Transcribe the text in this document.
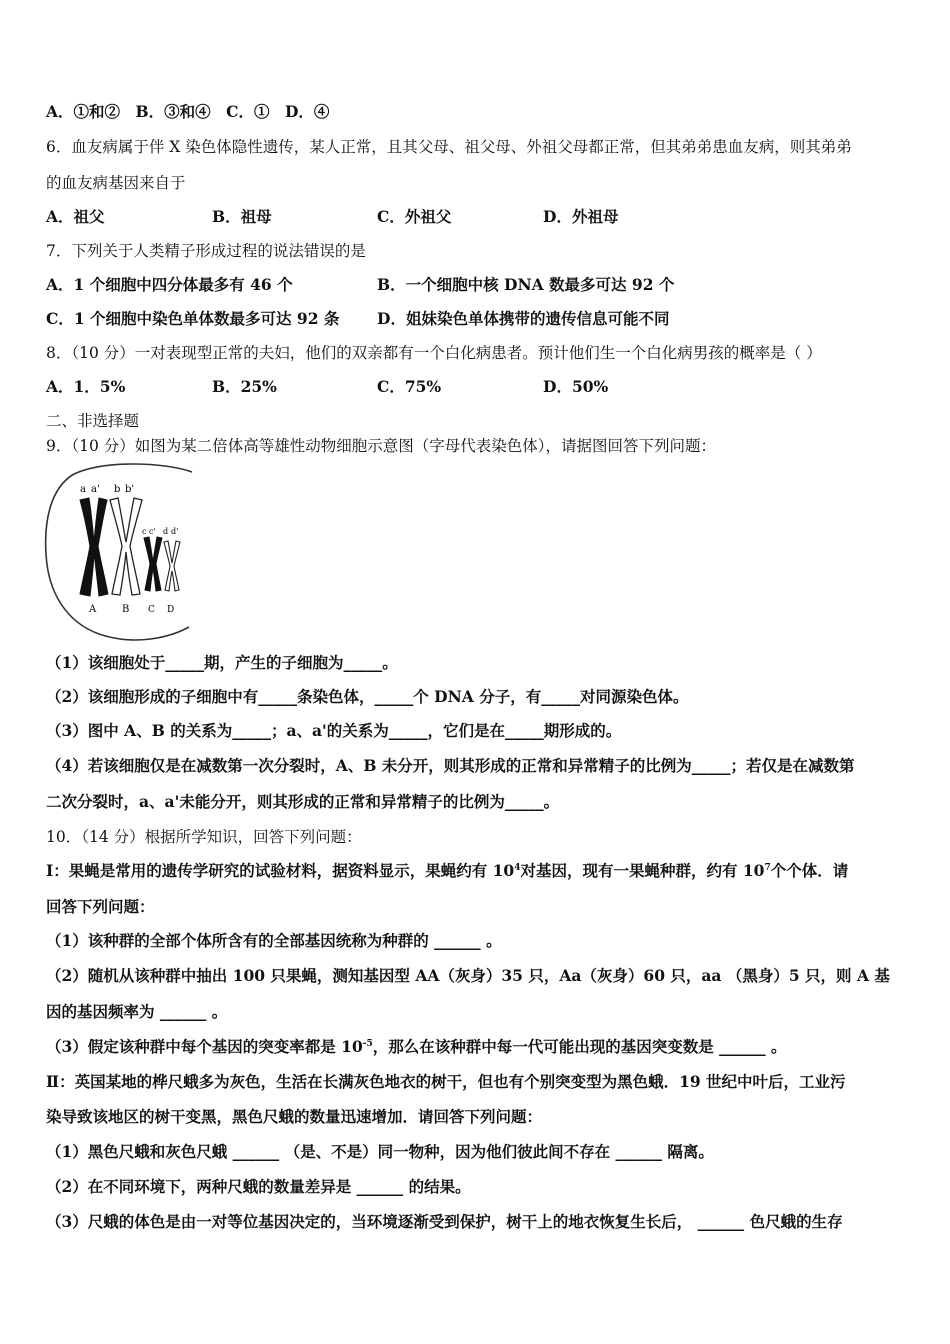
A．①和②　B．③和④　C．①　D．④
6．血友病属于伴 X 染色体隐性遗传，某人正常，且其父母、祖父母、外祖父母都正常，但其弟弟患血友病，则其弟弟
的血友病基因来自于
A．祖父	B．祖母	C．外祖父	D．外祖母
7．下列关于人类精子形成过程的说法错误的是
A．1 个细胞中四分体最多有 46 个	B．一个细胞中核 DNA 数最多可达 92 个
C．1 个细胞中染色单体数最多可达 92 条 D．姐妹染色单体携带的遗传信息可能不同
8．（10 分）一对表现型正常的夫妇，他们的双亲都有一个白化病患者。预计他们生一个白化病男孩的概率是（ ）
A．1．5%	B．25%	C．75%	D．50%
二、非选择题
9．（10 分）如图为某二倍体高等雄性动物细胞示意图（字母代表染色体），请据图回答下列问题：
a a' b b'
c c' d d'
A	B C D
（1）该细胞处于_____期，产生的子细胞为_____。
（2）该细胞形成的子细胞中有_____条染色体，_____个 DNA 分子，有_____对同源染色体。
（3）图中 A、B 的关系为_____；a、a'的关系为_____，它们是在_____期形成的。
（4）若该细胞仅是在减数第一次分裂时，A、B 未分开，则其形成的正常和异常精子的比例为_____；若仅是在减数第
二次分裂时，a、a'未能分开，则其形成的正常和异常精子的比例为_____。
10．（14 分）根据所学知识，回答下列问题：
I：果蝇是常用的遗传学研究的试验材料，据资料显示，果蝇约有 $10^4$对基因，现有一果蝇种群，约有 $10^7$个个体．请
回答下列问题：
（1）该种群的全部个体所含有的全部基因统称为种群的 ______ 。
（2）随机从该种群中抽出 100 只果蝇，测知基因型 AA（灰身）35 只，Aa（灰身）60 只，aa （黑身）5 只，则 A 基
因的基因频率为 ______ 。
（3）假定该种群中每个基因的突变率都是 $10^{-5}$，那么在该种群中每一代可能出现的基因突变数是 ______ 。
Ⅱ：英国某地的桦尺蛾多为灰色，生活在长满灰色地衣的树干，但也有个别突变型为黑色蛾．19 世纪中叶后，工业污
染导致该地区的树干变黑，黑色尺蛾的数量迅速增加．请回答下列问题：
（1）黑色尺蛾和灰色尺蛾 ______ （是、不是）同一物种，因为他们彼此间不存在 ______ 隔离。
（2）在不同环境下，两种尺蛾的数量差异是 ______ 的结果。
（3）尺蛾的体色是由一对等位基因决定的，当环境逐渐受到保护，树干上的地衣恢复生长后， ______ 色尺蛾的生存
